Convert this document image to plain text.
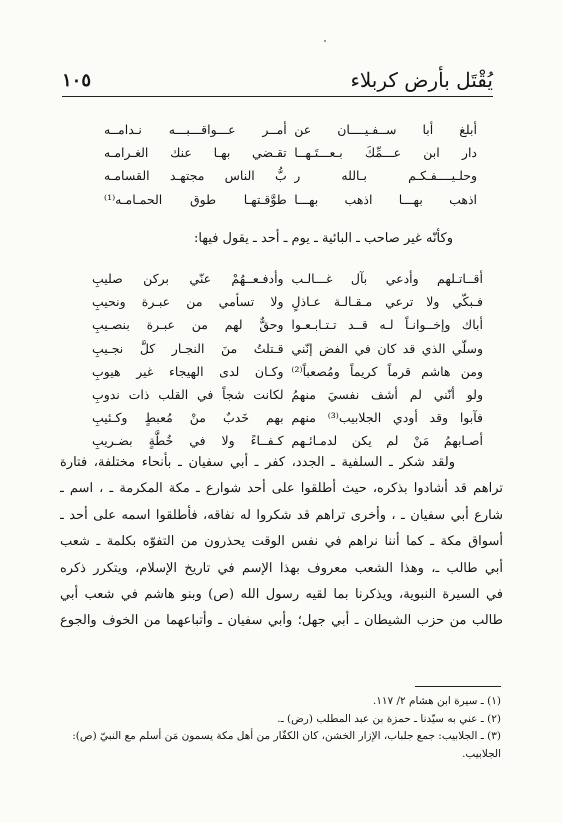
يُقْتَل بأرض كربلاء
١٠٥
أبلغ أبا ســفـيــــان عن
أمــر عـــواقـــبـــه نـدامــه
دار ابن عـــمِّكَ بـعـــتَـهــا
تقـضي بهـا عنك الغـرامـه
وحلـيــــفـكـم بـالله ر
بُّ الناس مجتهـد القسامـه
اذهب بهـــا اذهب بهـــا
طوَّقـتهـا طوق الحمـامـه⁽¹⁾
وكأنّه غير صاحب ـ البائية ـ يوم ـ أحد ـ يقول فيها:
أقــاتـلهم وأدعي بآل غـــالـب
وأدفـعــهُمْ عنّي بركن صليبِ
فـبكّي ولا ترعي مـقـالـة عـاذلٍ
ولا تسأمي من عبـرة ونحيبِ
أباك وإخــوانـاً لـه قــد تـتـابـعـوا
وحقٌّ لهم من عبـرة بنصـيبِ
وسلّي الذي قد كان في الفض إنّني
قـتلتُ منَ النجـار كلَّ نجـيبِ
ومن هاشم قرماً كريماً ومُصعباً⁽²⁾
وكـان لدى الهيجاء غير هيوبِ
ولو أنّني لم أشف نفسيَ منهمُ
لكانت شجاً في القلب ذات ندوبِ
فآبوا وقد أودي الجلابيب⁽³⁾ منهم
بهم خَدبٌ منْ مُعبطٍ وكـئيبِ
أصـابهمُ مَنْ لم يكن لدمـائـهم
كـفــاءً ولا في خُطَّةٍ بضـريبِ
ولقد شكر ـ السلفية ـ الجدد، كفر ـ أبي سفيان ـ بأنحاء مختلفة، فتارة
تراهم قد أشادوا بذكره، حيث أطلقوا على أحد شوارع ـ مكة المكرمة ـ ، اسم ـ
شارع أبي سفيان ـ ، وأخرى تراهم قد شكروا له نفاقه، فأطلقوا اسمه على أحد ـ
أسواق مكة ـ كما أننا نراهم في نفس الوقت يحذرون من التفوّه بكلمة ـ شعب
أبي طالب ـ، وهذا الشعب معروف بهذا الإسم في تاريخ الإسلام، ويتكرر ذكره
في السيرة النبوية، ويذكرنا بما لقيه رسول الله (ص) وبنو هاشم في شعب أبي
طالب من حزب الشيطان ـ أبي جهل؛ وأبي سفيان ـ وأتباعهما من الخوف والجوع
(١) ـ سيرة ابن هشام ٢/ ١١٧.
(٢) ـ عني به سيّدنا ـ حمزة بن عبد المطلب (رض) ـ.
(٣) ـ الجلابيب: جمع جلباب، الإزار الخشن، كان الكفّار من أهل مكة يسمون مَن أسلم مع النبيّ (ص): الجلابيب.
